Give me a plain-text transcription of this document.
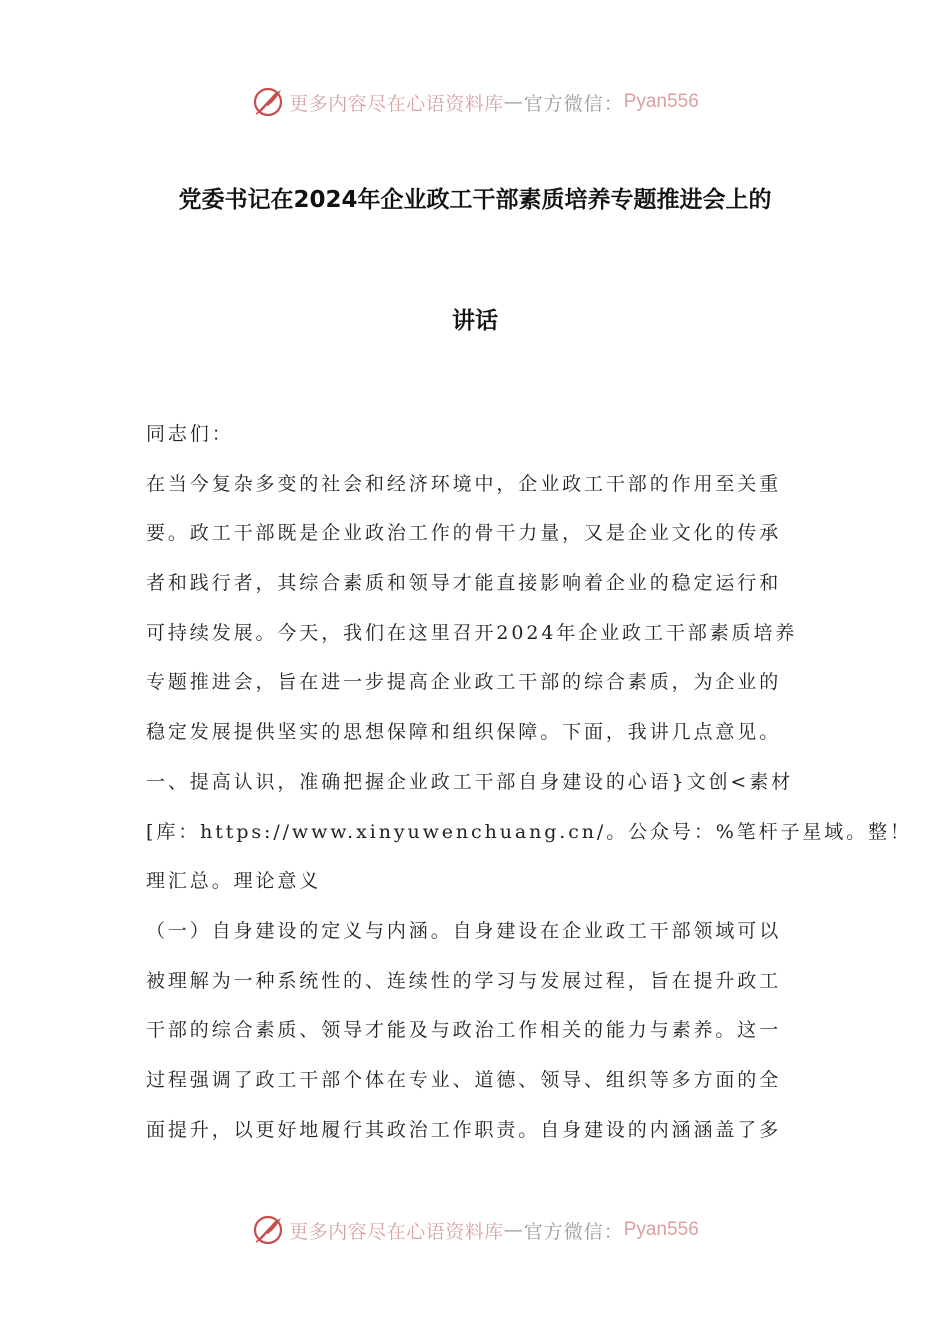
更多内容尽在心语资料库 — 官方微信： Pyan556
党委书记在2024年企业政工干部素质培养专题推进会上的
讲话
同志们：
在当今复杂多变的社会和经济环境中，企业政工干部的作用至关重
要。政工干部既是企业政治工作的骨干力量，又是企业文化的传承
者和践行者，其综合素质和领导才能直接影响着企业的稳定运行和
可持续发展。今天，我们在这里召开2024年企业政工干部素质培养
专题推进会，旨在进一步提高企业政工干部的综合素质，为企业的
稳定发展提供坚实的思想保障和组织保障。下面，我讲几点意见。
一、提高认识，准确把握企业政工干部自身建设的心语}文创<素材
[库：https://www.xinyuwenchuang.cn/。公众号：%笔杆子星域。整！
理汇总。理论意义
（一）自身建设的定义与内涵。自身建设在企业政工干部领域可以
被理解为一种系统性的、连续性的学习与发展过程，旨在提升政工
干部的综合素质、领导才能及与政治工作相关的能力与素养。这一
过程强调了政工干部个体在专业、道德、领导、组织等多方面的全
面提升，以更好地履行其政治工作职责。自身建设的内涵涵盖了多
更多内容尽在心语资料库 — 官方微信： Pyan556
